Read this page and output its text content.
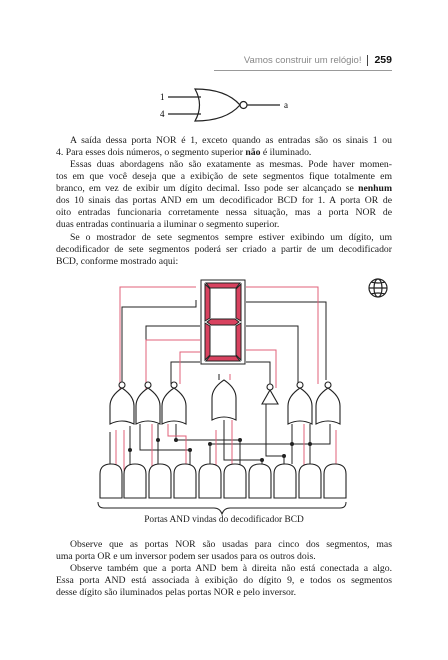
Vamos construir um relógio! 259
1
4
a
A saída dessa porta NOR é 1, exceto quando as entradas são os sinais 1 ou
4. Para esses dois números, o segmento superior não é iluminado.
Essas duas abordagens não são exatamente as mesmas. Pode haver momen-
tos em que você deseja que a exibição de sete segmentos fique totalmente em
branco, em vez de exibir um dígito decimal. Isso pode ser alcançado se nenhum
dos 10 sinais das portas AND em um decodificador BCD for 1. A porta OR de
oito entradas funcionaria corretamente nessa situação, mas a porta NOR de
duas entradas continuaria a iluminar o segmento superior.
Se o mostrador de sete segmentos sempre estiver exibindo um dígito, um
decodificador de sete segmentos poderá ser criado a partir de um decodificador
BCD, conforme mostrado aqui:
Portas AND vindas do decodificador BCD
Observe que as portas NOR são usadas para cinco dos segmentos, mas
uma porta OR e um inversor podem ser usados para os outros dois.
Observe também que a porta AND bem à direita não está conectada a algo.
Essa porta AND está associada à exibição do dígito 9, e todos os segmentos
desse dígito são iluminados pelas portas NOR e pelo inversor.
